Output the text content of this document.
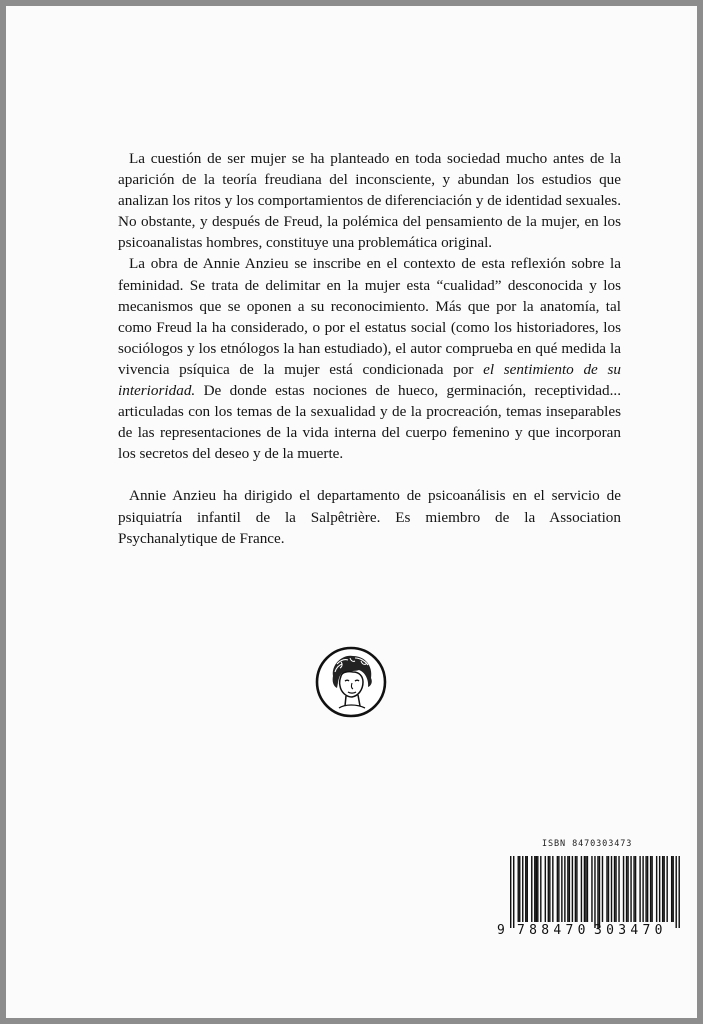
La cuestión de ser mujer se ha planteado en toda sociedad mucho antes de la aparición de la teoría freudiana del inconsciente, y abundan los estudios que analizan los ritos y los comportamientos de diferenciación y de identidad sexuales. No obstante, y después de Freud, la polémica del pensamiento de la mujer, en los psicoanalistas hombres, constituye una problemática original.

La obra de Annie Anzieu se inscribe en el contexto de esta reflexión sobre la feminidad. Se trata de delimitar en la mujer esta “cualidad” desconocida y los mecanismos que se oponen a su reconocimiento. Más que por la anatomía, tal como Freud la ha considerado, o por el estatus social (como los historiadores, los sociólogos y los etnólogos la han estudiado), el autor comprueba en qué medida la vivencia psíquica de la mujer está condicionada por el sentimiento de su interioridad. De donde estas nociones de hueco, germinación, receptividad... articuladas con los temas de la sexualidad y de la procreación, temas inseparables de las representaciones de la vida interna del cuerpo femenino y que incorporan los secretos del deseo y de la muerte.

Annie Anzieu ha dirigido el departamento de psicoanálisis en el servicio de psiquiatría infantil de la Salpêtrière. Es miembro de la Association Psychanalytique de France.

ISBN 8470303473
9 788470 303470
